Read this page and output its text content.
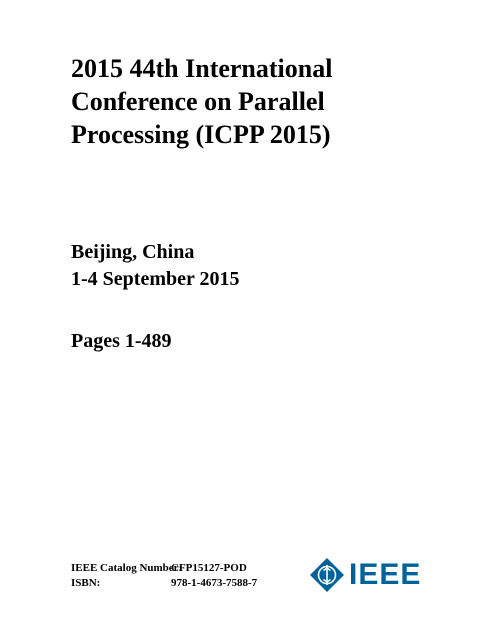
2015 44th International
Conference on Parallel
Processing (ICPP 2015)
Beijing, China
1-4 September 2015
Pages 1-489
IEEE Catalog Number:
CFP15127-POD
ISBN:	978-1-4673-7588-7	IEEE
